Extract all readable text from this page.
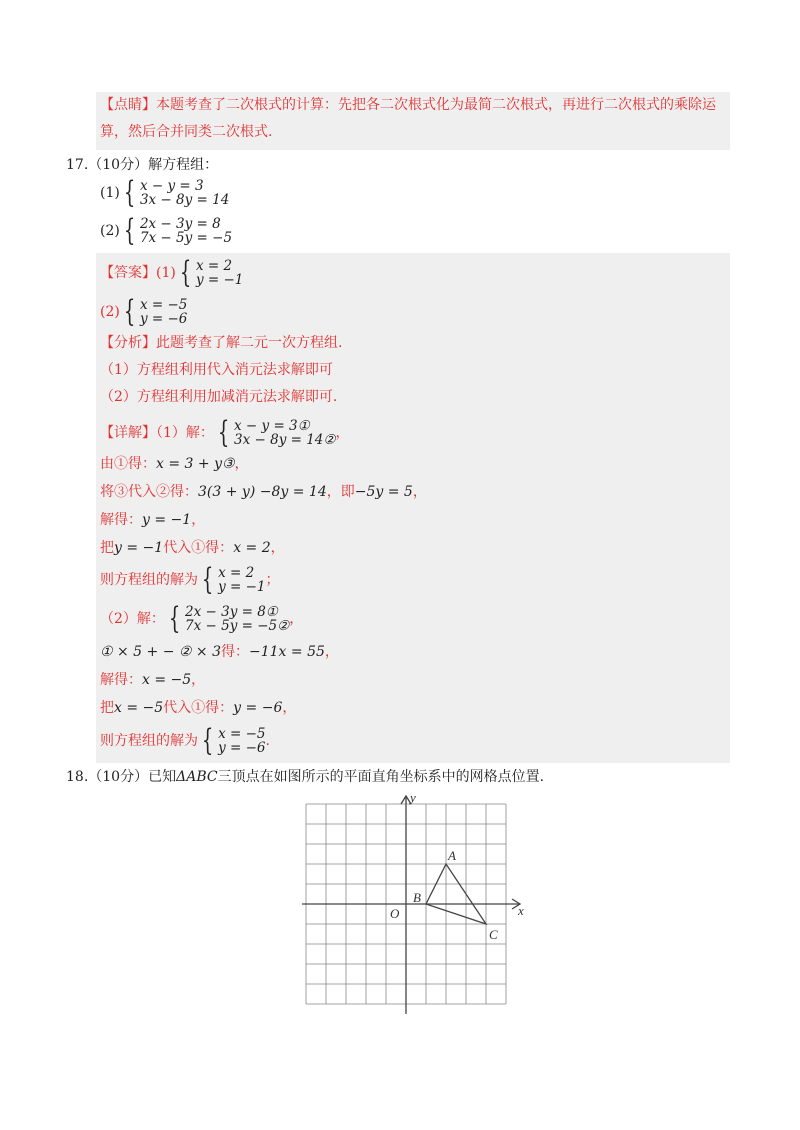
【点睛】本题考查了二次根式的计算：先把各二次根式化为最简二次根式，再进行二次根式的乘除运
算，然后合并同类二次根式.
17.（10分）解方程组：
(1) { x − y = 3
3x − 8y = 14
(2) { 2x − 3y = 8
7x − 5y = −5
【答案】(1) { x = 2
y = −1
(2) { x = −5
y = −6
【分析】此题考查了解二元一次方程组.
（1）方程组利用代入消元法求解即可
（2）方程组利用加减消元法求解即可.
【详解】（1）解： { x − y = 3①
3x − 8y = 14② ，
由①得：x = 3 + y③，
将③代入②得：3(3 + y) −8y = 14，即−5y = 5，
解得：y = −1，
把y = −1代入①得：x = 2，
则方程组的解为 { x = 2
y = −1 ；
（2）解： { 2x − 3y = 8①
7x − 5y = −5② ，
① × 5 + − ② × 3得：−11x = 55，
解得：x = −5，
把x = −5代入①得：y = −6，
则方程组的解为 { x = −5
y = −6 .
18.（10分）已知ΔABC三顶点在如图所示的平面直角坐标系中的网格点位置.
x
y
O
A
B
C
